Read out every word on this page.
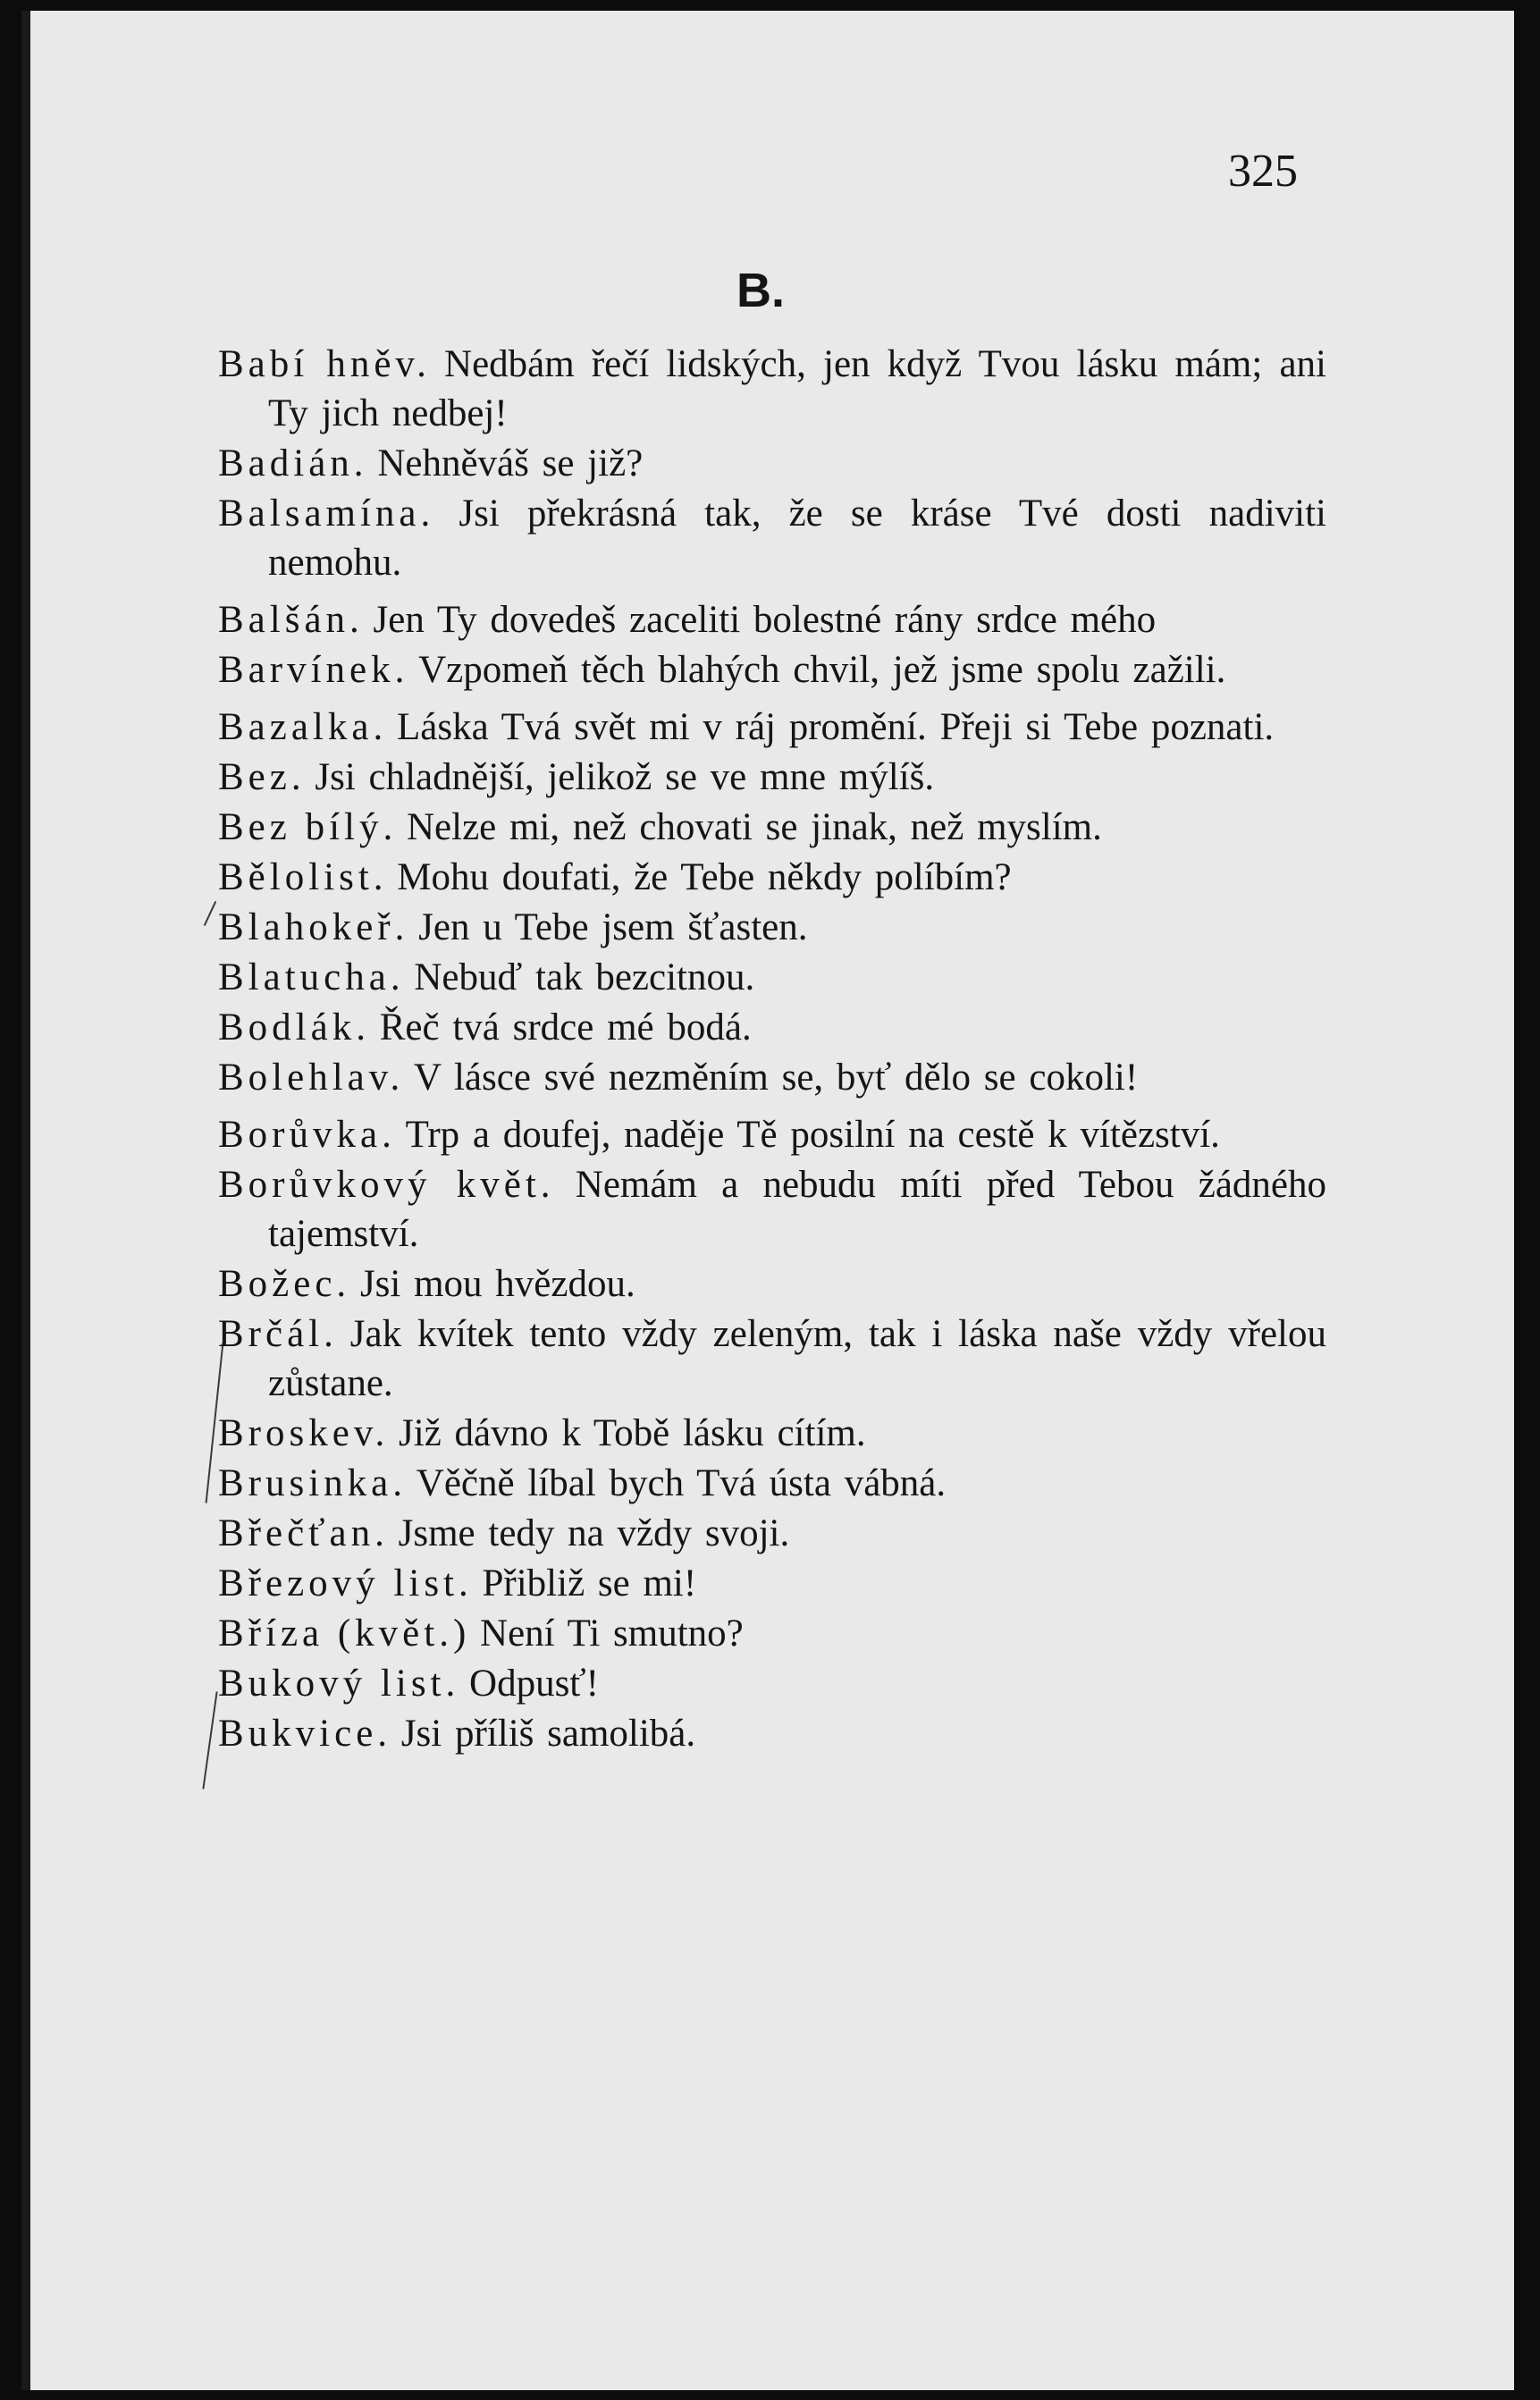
325
B.
Babí hněv. Nedbám řečí lidských, jen když Tvou lásku mám; ani Ty jich nedbej!
Badián. Nehněváš se již?
Balsamína. Jsi překrásná tak, že se kráse Tvé dosti nadiviti nemohu.
Balšán. Jen Ty dovedeš zaceliti bolestné rány srdce mého
Barvínek. Vzpomeň těch blahých chvil, jež jsme spolu zažili.
Bazalka. Láska Tvá svět mi v ráj promění. Přeji si Tebe poznati.
Bez. Jsi chladnější, jelikož se ve mne mýlíš.
Bez bílý. Nelze mi, než chovati se jinak, než myslím.
Bělolist. Mohu doufati, že Tebe někdy políbím?
Blahokeř. Jen u Tebe jsem šťasten.
Blatucha. Nebuď tak bezcitnou.
Bodlák. Řeč tvá srdce mé bodá.
Bolehlav. V lásce své nezměním se, byť dělo se cokoli!
Borůvka. Trp a doufej, naděje Tě posilní na cestě k vítězství.
Borůvkový květ. Nemám a nebudu míti před Tebou žádného tajemství.
Božec. Jsi mou hvězdou.
Brčál. Jak kvítek tento vždy zeleným, tak i láska naše vždy vřelou zůstane.
Broskev. Již dávno k Tobě lásku cítím.
Brusinka. Věčně líbal bych Tvá ústa vábná.
Břečťan. Jsme tedy na vždy svoji.
Březový list. Přibliž se mi!
Bříza (květ.) Není Ti smutno?
Bukový list. Odpusť!
Bukvice. Jsi příliš samolibá.
